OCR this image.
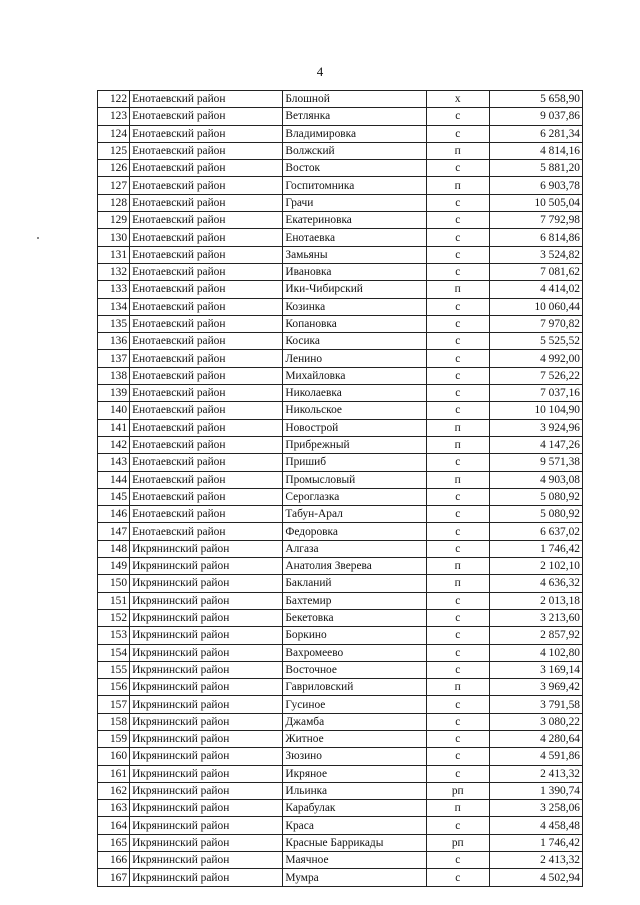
4
122	Енотаевский район	Блошной	х	5 658,90
123	Енотаевский район	Ветлянка	с	9 037,86
124	Енотаевский район	Владимировка	с	6 281,34
125	Енотаевский район	Волжский	п	4 814,16
126	Енотаевский район	Восток	с	5 881,20
127	Енотаевский район	Госпитомника	п	6 903,78
128	Енотаевский район	Грачи	с	10 505,04
129	Енотаевский район	Екатериновка	с	7 792,98
130	Енотаевский район	Енотаевка	с	6 814,86
131	Енотаевский район	Замьяны	с	3 524,82
132	Енотаевский район	Ивановка	с	7 081,62
133	Енотаевский район	Ики-Чибирский	п	4 414,02
134	Енотаевский район	Козинка	с	10 060,44
135	Енотаевский район	Копановка	с	7 970,82
136	Енотаевский район	Косика	с	5 525,52
137	Енотаевский район	Ленино	с	4 992,00
138	Енотаевский район	Михайловка	с	7 526,22
139	Енотаевский район	Николаевка	с	7 037,16
140	Енотаевский район	Никольское	с	10 104,90
141	Енотаевский район	Новострой	п	3 924,96
142	Енотаевский район	Прибрежный	п	4 147,26
143	Енотаевский район	Пришиб	с	9 571,38
144	Енотаевский район	Промысловый	п	4 903,08
145	Енотаевский район	Сероглазка	с	5 080,92
146	Енотаевский район	Табун-Арал	с	5 080,92
147	Енотаевский район	Федоровка	с	6 637,02
148	Икрянинский район	Алгаза	с	1 746,42
149	Икрянинский район	Анатолия Зверева	п	2 102,10
150	Икрянинский район	Бакланий	п	4 636,32
151	Икрянинский район	Бахтемир	с	2 013,18
152	Икрянинский район	Бекетовка	с	3 213,60
153	Икрянинский район	Боркино	с	2 857,92
154	Икрянинский район	Вахромеево	с	4 102,80
155	Икрянинский район	Восточное	с	3 169,14
156	Икрянинский район	Гавриловский	п	3 969,42
157	Икрянинский район	Гусиное	с	3 791,58
158	Икрянинский район	Джамба	с	3 080,22
159	Икрянинский район	Житное	с	4 280,64
160	Икрянинский район	Зюзино	с	4 591,86
161	Икрянинский район	Икряное	с	2 413,32
162	Икрянинский район	Ильинка	рп	1 390,74
163	Икрянинский район	Карабулак	п	3 258,06
164	Икрянинский район	Краса	с	4 458,48
165	Икрянинский район	Красные Баррикады	рп	1 746,42
166	Икрянинский район	Маячное	с	2 413,32
167	Икрянинский район	Мумра	с	4 502,94
